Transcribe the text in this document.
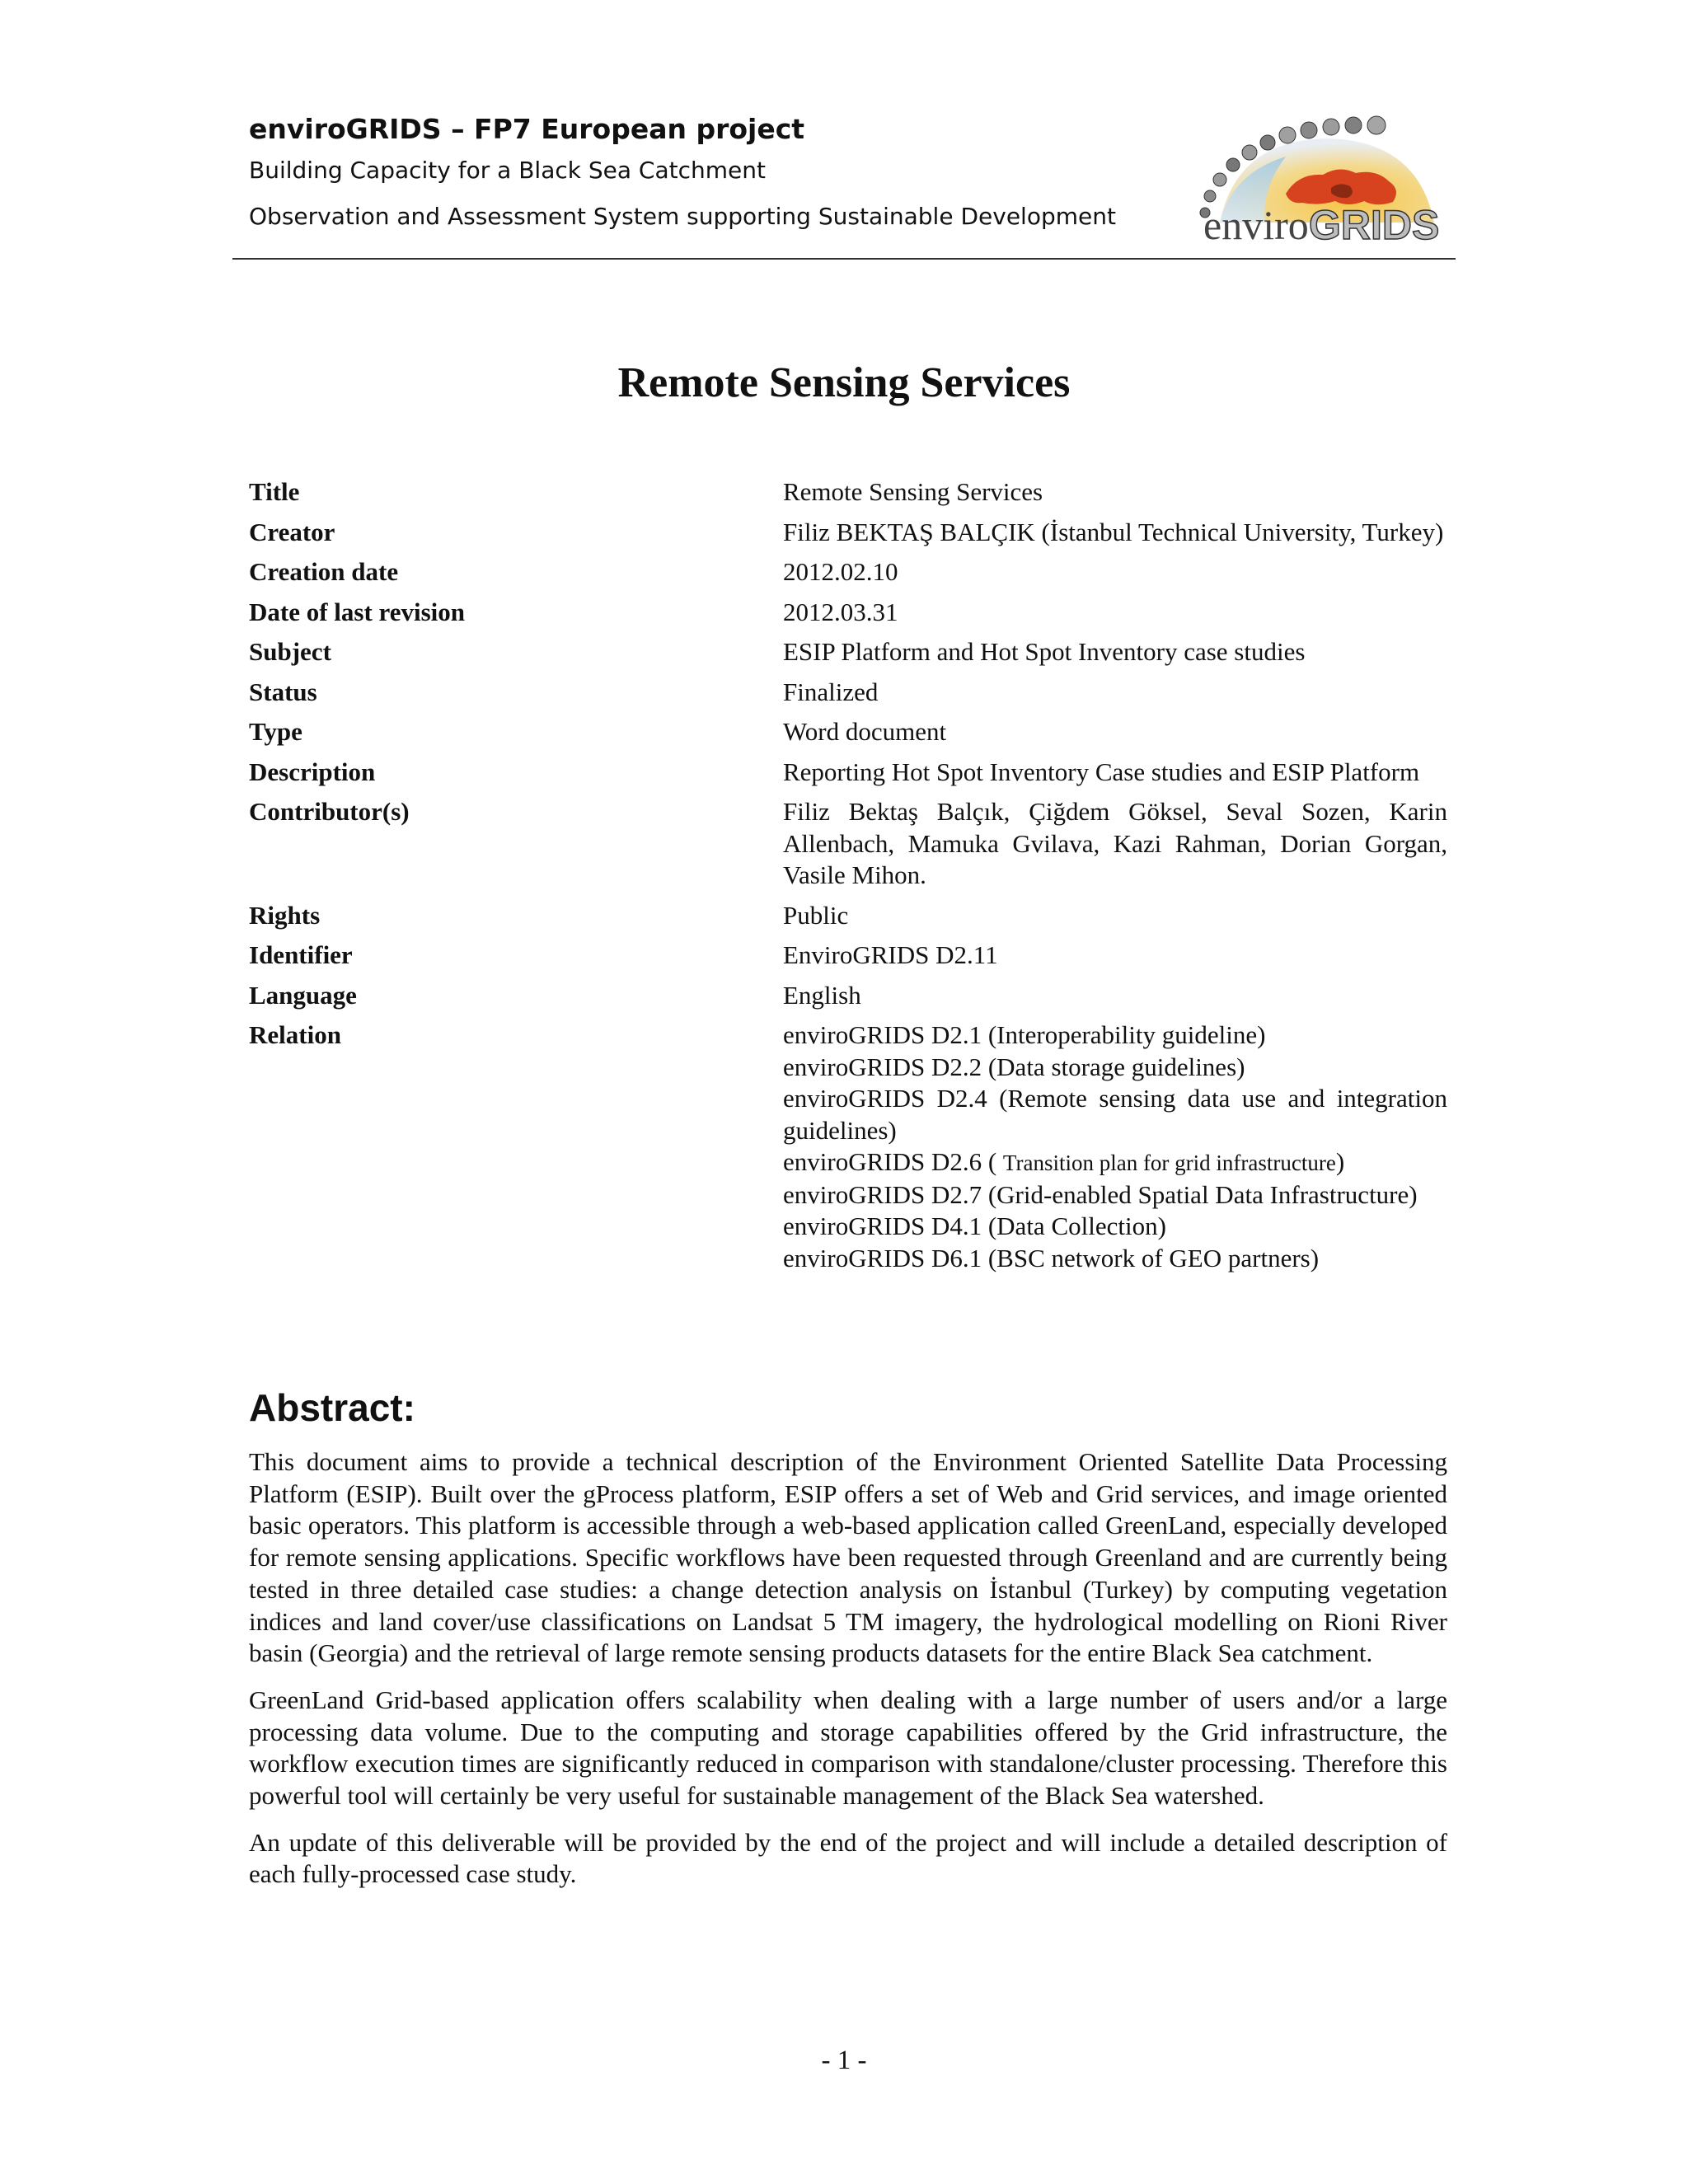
enviroGRIDS – FP7 European project

Building Capacity for a Black Sea Catchment

Observation and Assessment System supporting Sustainable Development enviro GRIDS
Remote Sensing Services
Title	Remote Sensing Services
Creator	Filiz BEKTAŞ BALÇIK (İstanbul Technical University, Turkey)
Creation date	2012.02.10
Date of last revision	2012.03.31
Subject	ESIP Platform and Hot Spot Inventory case studies
Status	Finalized
Type	Word document
Description	Reporting Hot Spot Inventory Case studies and ESIP Platform
Contributor(s)	Filiz Bektaş Balçık, Çiğdem Göksel, Seval Sozen, Karin Allenbach, Mamuka Gvilava, Kazi Rahman, Dorian Gorgan, Vasile Mihon.
Rights	Public
Identifier	EnviroGRIDS D2.11
Language	English
Relation	enviroGRIDS D2.1 (Interoperability guideline)
enviroGRIDS D2.2 (Data storage guidelines)
enviroGRIDS D2.4 (Remote sensing data use and integration guidelines)
enviroGRIDS D2.6 ( Transition plan for grid infrastructure)
enviroGRIDS D2.7 (Grid-enabled Spatial Data Infrastructure)
enviroGRIDS D4.1 (Data Collection)
enviroGRIDS D6.1 (BSC network of GEO partners)
Abstract:

This document aims to provide a technical description of the Environment Oriented Satellite Data Processing Platform (ESIP). Built over the gProcess platform, ESIP offers a set of Web and Grid services, and image oriented basic operators. This platform is accessible through a web-based application called GreenLand, especially developed for remote sensing applications. Specific workflows have been requested through Greenland and are currently being tested in three detailed case studies: a change detection analysis on İstanbul (Turkey) by computing vegetation indices and land cover/use classifications on Landsat 5 TM imagery, the hydrological modelling on Rioni River basin (Georgia) and the retrieval of large remote sensing products datasets for the entire Black Sea catchment.

GreenLand Grid-based application offers scalability when dealing with a large number of users and/or a large processing data volume. Due to the computing and storage capabilities offered by the Grid infrastructure, the workflow execution times are significantly reduced in comparison with standalone/cluster processing. Therefore this powerful tool will certainly be very useful for sustainable management of the Black Sea watershed.

An update of this deliverable will be provided by the end of the project and will include a detailed description of each fully-processed case study.

- 1 -
